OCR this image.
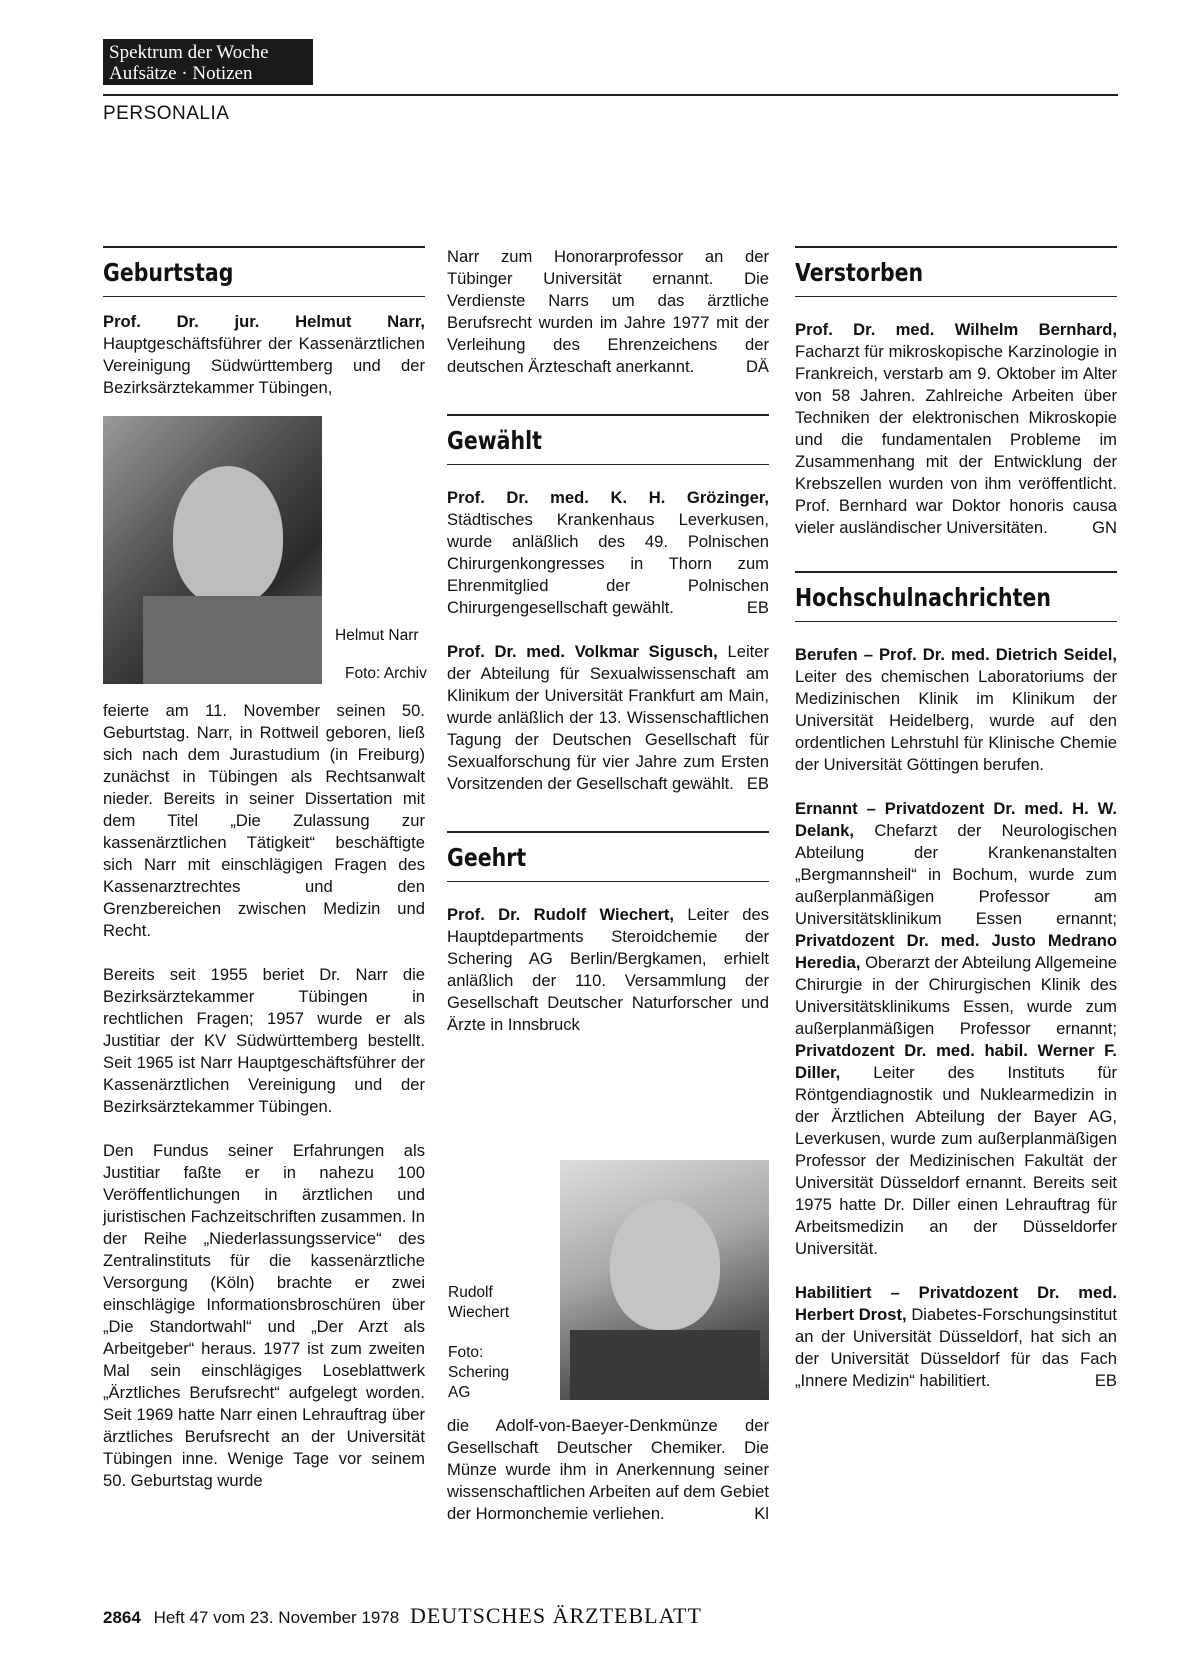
Spektrum der Woche
Aufsätze · Notizen
PERSONALIA
Geburtstag

Prof. Dr. jur. Helmut Narr, Hauptgeschäftsführer der Kassenärztlichen Vereinigung Südwürttemberg und der Bezirksärztekammer Tübingen,

Helmut Narr
Foto: Archiv

feierte am 11. November seinen 50. Geburtstag. Narr, in Rottweil geboren, ließ sich nach dem Jurastudium (in Freiburg) zunächst in Tübingen als Rechtsanwalt nieder. Bereits in seiner Dissertation mit dem Titel „Die Zulassung zur kassenärztlichen Tätigkeit“ beschäftigte sich Narr mit einschlägigen Fragen des Kassenarztrechtes und den Grenzbereichen zwischen Medizin und Recht.

Bereits seit 1955 beriet Dr. Narr die Bezirksärztekammer Tübingen in rechtlichen Fragen; 1957 wurde er als Justitiar der KV Südwürttemberg bestellt. Seit 1965 ist Narr Hauptgeschäftsführer der Kassenärztlichen Vereinigung und der Bezirksärztekammer Tübingen.

Den Fundus seiner Erfahrungen als Justitiar faßte er in nahezu 100 Veröffentlichungen in ärztlichen und juristischen Fachzeitschriften zusammen. In der Reihe „Niederlassungsservice“ des Zentralinstituts für die kassenärztliche Versorgung (Köln) brachte er zwei einschlägige Informationsbroschüren über „Die Standortwahl“ und „Der Arzt als Arbeitgeber“ heraus. 1977 ist zum zweiten Mal sein einschlägiges Loseblattwerk „Ärztliches Berufsrecht“ aufgelegt worden. Seit 1969 hatte Narr einen Lehrauftrag über ärztliches Berufsrecht an der Universität Tübingen inne. Wenige Tage vor seinem 50. Geburtstag wurde

Narr zum Honorarprofessor an der Tübinger Universität ernannt. Die Verdienste Narrs um das ärztliche Berufsrecht wurden im Jahre 1977 mit der Verleihung des Ehrenzeichens der deutschen Ärzteschaft anerkannt.	DÄ

Gewählt

Prof. Dr. med. K. H. Grözinger, Städtisches Krankenhaus Leverkusen, wurde anläßlich des 49. Polnischen Chirurgenkongresses in Thorn zum Ehrenmitglied der Polnischen Chirurgengesellschaft gewählt.	EB

Prof. Dr. med. Volkmar Sigusch, Leiter der Abteilung für Sexualwissenschaft am Klinikum der Universität Frankfurt am Main, wurde anläßlich der 13. Wissenschaftlichen Tagung der Deutschen Gesellschaft für Sexualforschung für vier Jahre zum Ersten Vorsitzenden der Gesellschaft gewählt. EB

Geehrt

Prof. Dr. Rudolf Wiechert, Leiter des Hauptdepartments Steroidchemie der Schering AG Berlin/Bergkamen, erhielt anläßlich der 110. Versammlung der Gesellschaft Deutscher Naturforscher und Ärzte in Innsbruck

Rudolf
Wiechert
Foto:
Schering
AG

die Adolf-von-Baeyer-Denkmünze der Gesellschaft Deutscher Chemiker. Die Münze wurde ihm in Anerkennung seiner wissenschaftlichen Arbeiten auf dem Gebiet der Hormonchemie verliehen.	Kl

Verstorben

Prof. Dr. med. Wilhelm Bernhard, Facharzt für mikroskopische Karzinologie in Frankreich, verstarb am 9. Oktober im Alter von 58 Jahren. Zahlreiche Arbeiten über Techniken der elektronischen Mikroskopie und die fundamentalen Probleme im Zusammenhang mit der Entwicklung der Krebszellen wurden von ihm veröffentlicht. Prof. Bernhard war Doktor honoris causa vieler ausländischer Universitäten.	GN

Hochschulnachrichten

Berufen – Prof. Dr. med. Dietrich Seidel, Leiter des chemischen Laboratoriums der Medizinischen Klinik im Klinikum der Universität Heidelberg, wurde auf den ordentlichen Lehrstuhl für Klinische Chemie der Universität Göttingen berufen.

Ernannt – Privatdozent Dr. med. H. W. Delank, Chefarzt der Neurologischen Abteilung der Krankenanstalten „Bergmannsheil“ in Bochum, wurde zum außerplanmäßigen Professor am Universitätsklinikum Essen ernannt; Privatdozent Dr. med. Justo Medrano Heredia, Oberarzt der Abteilung Allgemeine Chirurgie in der Chirurgischen Klinik des Universitätsklinikums Essen, wurde zum außerplanmäßigen Professor ernannt; Privatdozent Dr. med. habil. Werner F. Diller, Leiter des Instituts für Röntgendiagnostik und Nuklearmedizin in der Ärztlichen Abteilung der Bayer AG, Leverkusen, wurde zum außerplanmäßigen Professor der Medizinischen Fakultät der Universität Düsseldorf ernannt. Bereits seit 1975 hatte Dr. Diller einen Lehrauftrag für Arbeitsmedizin an der Düsseldorfer Universität.

Habilitiert – Privatdozent Dr. med. Herbert Drost, Diabetes-Forschungsinstitut an der Universität Düsseldorf, hat sich an der Universität Düsseldorf für das Fach „Innere Medizin“ habilitiert.	EB

2864 Heft 47 vom 23. November 1978 DEUTSCHES ÄRZTEBLATT
